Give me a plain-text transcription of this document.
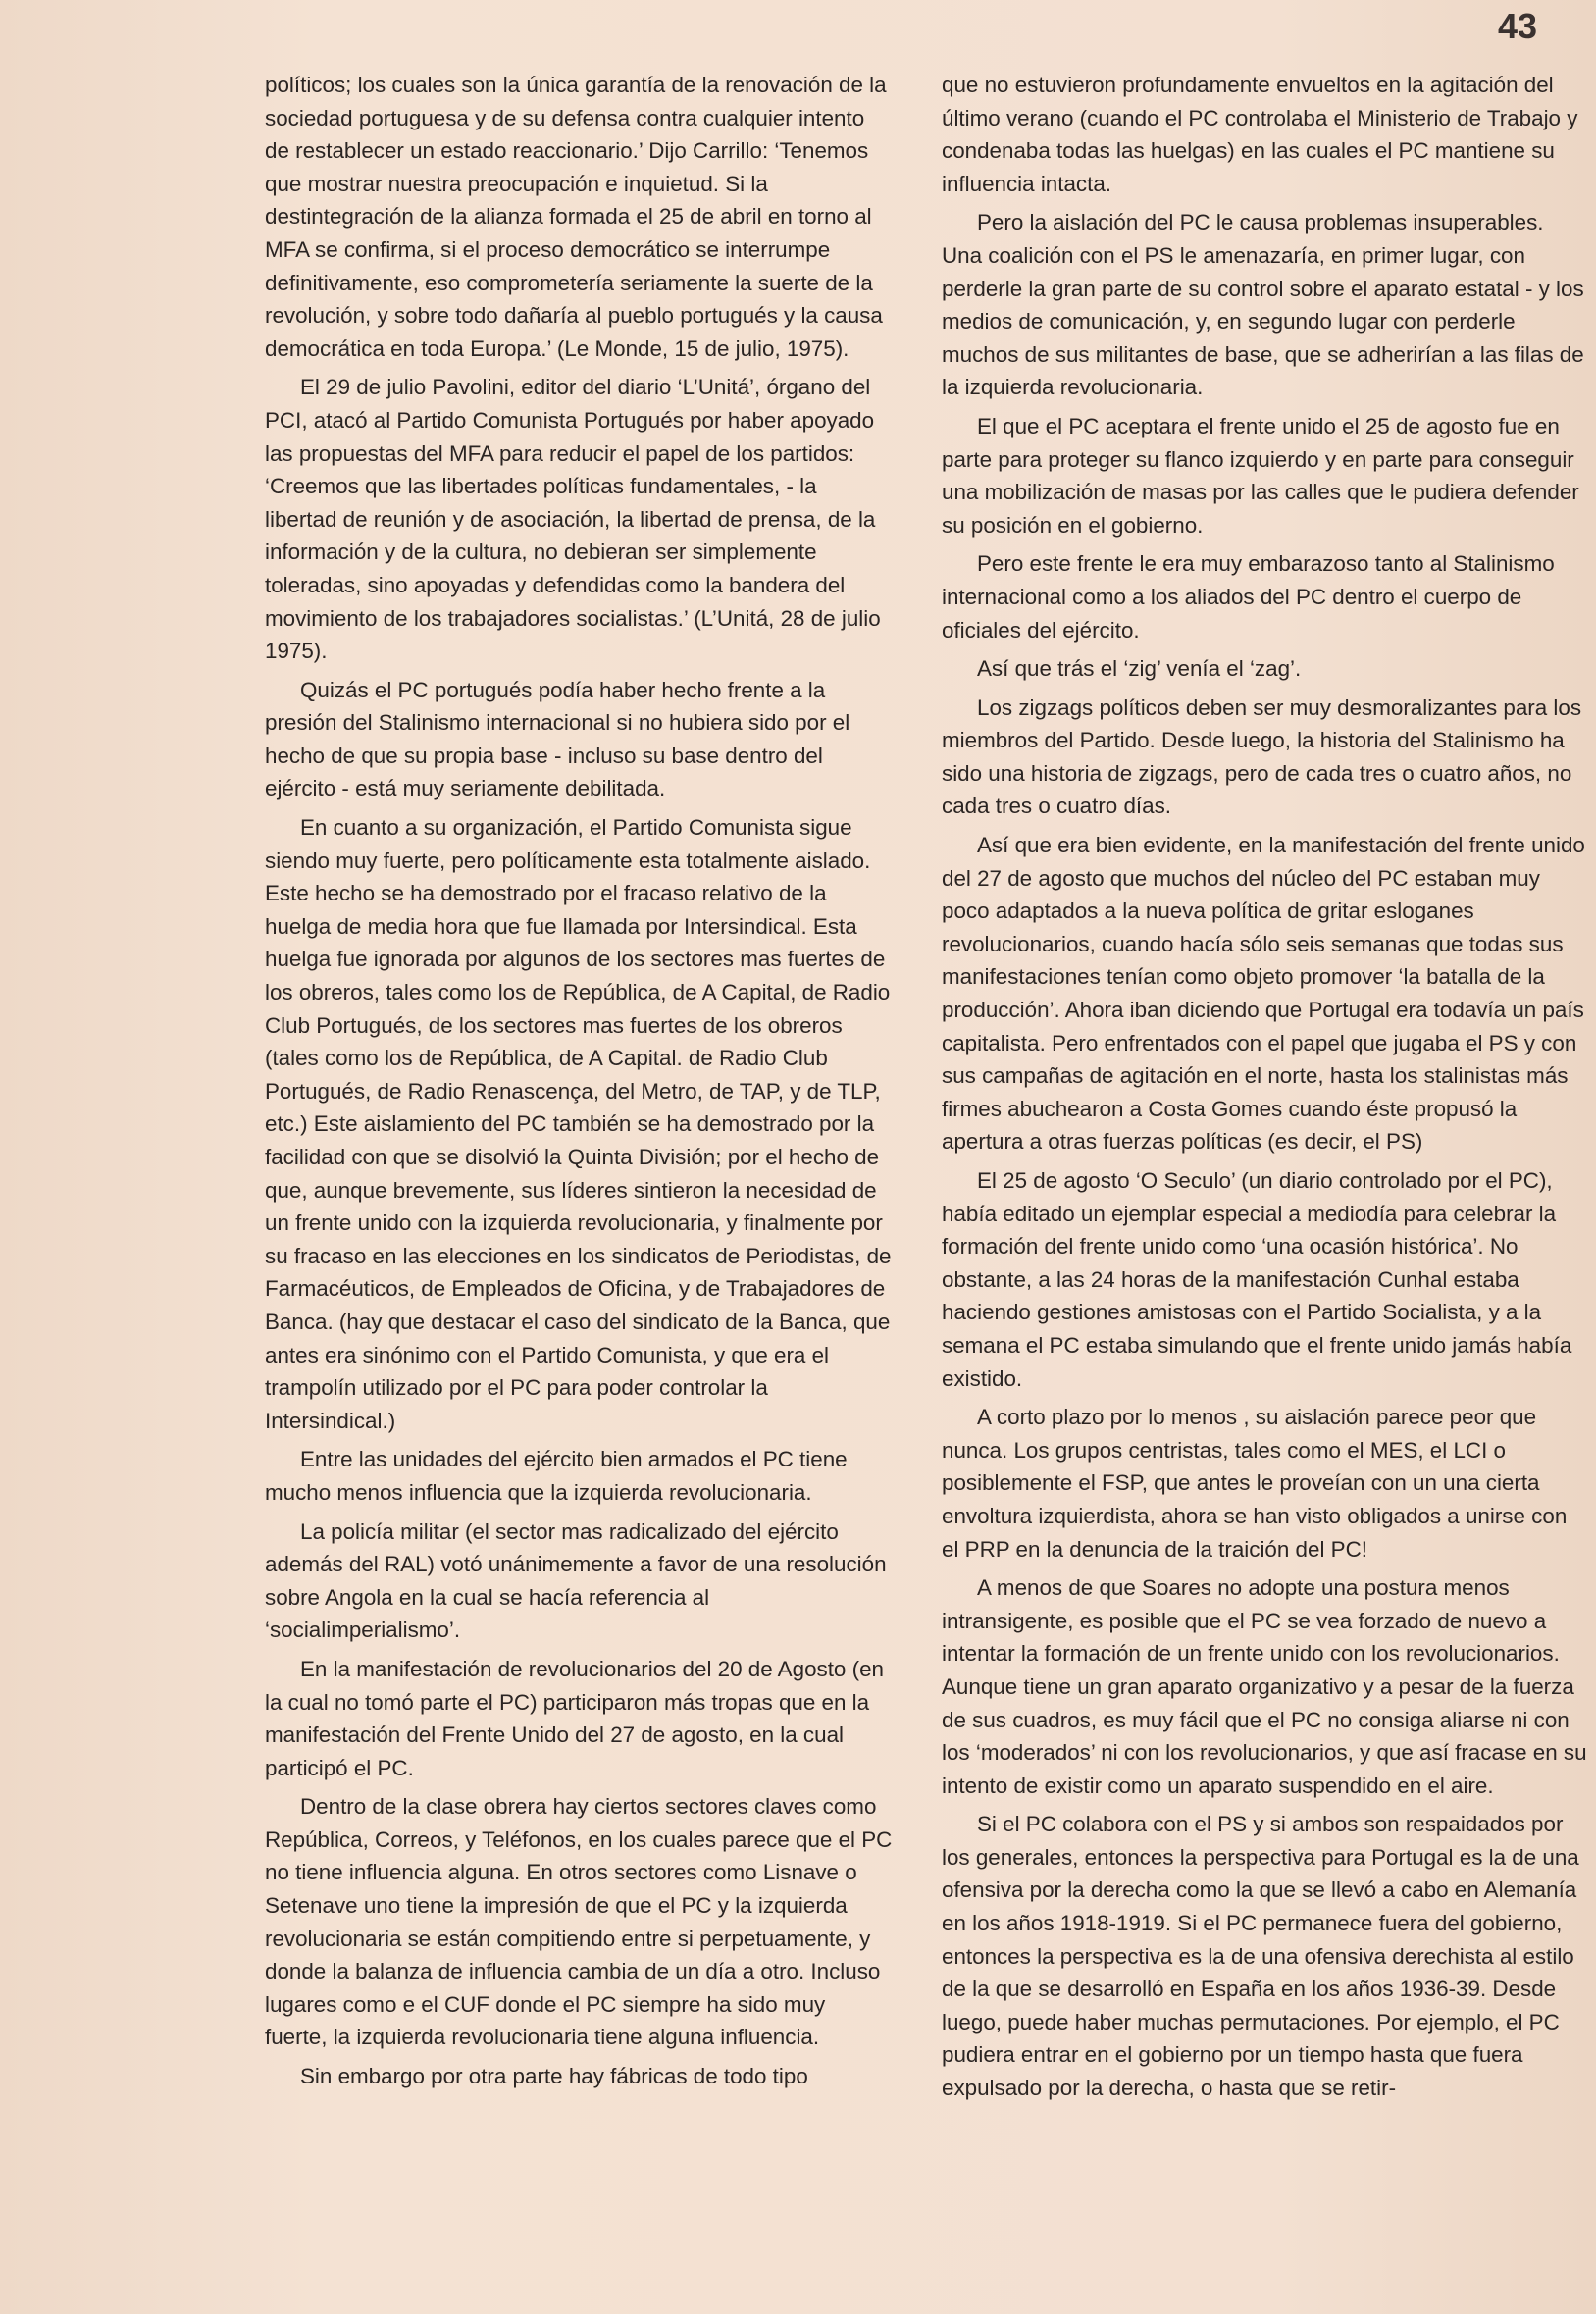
43

políticos; los cuales son la única garantía de la renovación de la sociedad portuguesa y de su defensa contra cualquier intento de restablecer un estado reaccionario.’ Dijo Carrillo: ‘Tenemos que mostrar nuestra preocupación e inquietud. Si la destintegración de la alianza formada el 25 de abril en torno al MFA se confirma, si el proceso democrático se interrumpe definitivamente, eso comprometería seriamente la suerte de la revolución, y sobre todo dañaría al pueblo portugués y la causa democrática en toda Europa.’ (Le Monde, 15 de julio, 1975).

El 29 de julio Pavolini, editor del diario ‘L’Unitá’, órgano del PCI, atacó al Partido Comunista Portugués por haber apoyado las propuestas del MFA para reducir el papel de los partidos: ‘Creemos que las libertades políticas fundamentales, - la libertad de reunión y de asociación, la libertad de prensa, de la información y de la cultura, no debieran ser simplemente toleradas, sino apoyadas y defendidas como la bandera del movimiento de los trabajadores socialistas.’ (L’Unitá, 28 de julio 1975).

Quizás el PC portugués podía haber hecho frente a la presión del Stalinismo internacional si no hubiera sido por el hecho de que su propia base - incluso su base dentro del ejército - está muy seriamente debilitada.

En cuanto a su organización, el Partido Comunista sigue siendo muy fuerte, pero políticamente esta totalmente aislado. Este hecho se ha demostrado por el fracaso relativo de la huelga de media hora que fue llamada por Intersindical. Esta huelga fue ignorada por algunos de los sectores mas fuertes de los obreros, tales como los de República, de A Capital, de Radio Club Portugués, de los sectores mas fuertes de los obreros (tales como los de República, de A Capital. de Radio Club Portugués, de Radio Renascença, del Metro, de TAP, y de TLP, etc.) Este aislamiento del PC también se ha demostrado por la facilidad con que se disolvió la Quinta División; por el hecho de que, aunque brevemente, sus líderes sintieron la necesidad de un frente unido con la izquierda revolucionaria, y finalmente por su fracaso en las elecciones en los sindicatos de Periodistas, de Farmacéuticos, de Empleados de Oficina, y de Trabajadores de Banca. (hay que destacar el caso del sindicato de la Banca, que antes era sinónimo con el Partido Comunista, y que era el trampolín utilizado por el PC para poder controlar la Intersindical.)

Entre las unidades del ejército bien armados el PC tiene mucho menos influencia que la izquierda revolucionaria.

La policía militar (el sector mas radicalizado del ejército además del RAL) votó unánimemente a favor de una resolución sobre Angola en la cual se hacía referencia al ‘socialimperialismo’.

En la manifestación de revolucionarios del 20 de Agosto (en la cual no tomó parte el PC) participaron más tropas que en la manifestación del Frente Unido del 27 de agosto, en la cual participó el PC.

Dentro de la clase obrera hay ciertos sectores claves como República, Correos, y Teléfonos, en los cuales parece que el PC no tiene influencia alguna. En otros sectores como Lisnave o Setenave uno tiene la impresión de que el PC y la izquierda revolucionaria se están compitiendo entre si perpetuamente, y donde la balanza de influencia cambia de un día a otro. Incluso lugares como e el CUF donde el PC siempre ha sido muy fuerte, la izquierda revolucionaria tiene alguna influencia.

Sin embargo por otra parte hay fábricas de todo tipo

que no estuvieron profundamente envueltos en la agitación del último verano (cuando el PC controlaba el Ministerio de Trabajo y condenaba todas las huelgas) en las cuales el PC mantiene su influencia intacta.

Pero la aislación del PC le causa problemas insuperables. Una coalición con el PS le amenazaría, en primer lugar, con perderle la gran parte de su control sobre el aparato estatal - y los medios de comunicación, y, en segundo lugar con perderle muchos de sus militantes de base, que se adherirían a las filas de la izquierda revolucionaria.

El que el PC aceptara el frente unido el 25 de agosto fue en parte para proteger su flanco izquierdo y en parte para conseguir una mobilización de masas por las calles que le pudiera defender su posición en el gobierno.

Pero este frente le era muy embarazoso tanto al Stalinismo internacional como a los aliados del PC dentro el cuerpo de oficiales del ejército.

Así que trás el ‘zig’ venía el ‘zag’.

Los zigzags políticos deben ser muy desmoralizantes para los miembros del Partido. Desde luego, la historia del Stalinismo ha sido una historia de zigzags, pero de cada tres o cuatro años, no cada tres o cuatro días.

Así que era bien evidente, en la manifestación del frente unido del 27 de agosto que muchos del núcleo del PC estaban muy poco adaptados a la nueva política de gritar esloganes revolucionarios, cuando hacía sólo seis semanas que todas sus manifestaciones tenían como objeto promover ‘la batalla de la producción’. Ahora iban diciendo que Portugal era todavía un país capitalista. Pero enfrentados con el papel que jugaba el PS y con sus campañas de agitación en el norte, hasta los stalinistas más firmes abuchearon a Costa Gomes cuando éste propusó la apertura a otras fuerzas políticas (es decir, el PS)

El 25 de agosto ‘O Seculo’ (un diario controlado por el PC), había editado un ejemplar especial a mediodía para celebrar la formación del frente unido como ‘una ocasión histórica’. No obstante, a las 24 horas de la manifestación Cunhal estaba haciendo gestiones amistosas con el Partido Socialista, y a la semana el PC estaba simulando que el frente unido jamás había existido.

A corto plazo por lo menos , su aislación parece peor que nunca. Los grupos centristas, tales como el MES, el LCI o posiblemente el FSP, que antes le proveían con un una cierta envoltura izquierdista, ahora se han visto obligados a unirse con el PRP en la denuncia de la traición del PC!

A menos de que Soares no adopte una postura menos intransigente, es posible que el PC se vea forzado de nuevo a intentar la formación de un frente unido con los revolucionarios. Aunque tiene un gran aparato organizativo y a pesar de la fuerza de sus cuadros, es muy fácil que el PC no consiga aliarse ni con los ‘moderados’ ni con los revolucionarios, y que así fracase en su intento de existir como un aparato suspendido en el aire.

Si el PC colabora con el PS y si ambos son respaidados por los generales, entonces la perspectiva para Portugal es la de una ofensiva por la derecha como la que se llevó a cabo en Alemanía en los años 1918-1919. Si el PC permanece fuera del gobierno, entonces la perspectiva es la de una ofensiva derechista al estilo de la que se desarrolló en España en los años 1936-39. Desde luego, puede haber muchas permutaciones. Por ejemplo, el PC pudiera entrar en el gobierno por un tiempo hasta que fuera expulsado por la derecha, o hasta que se retir-
